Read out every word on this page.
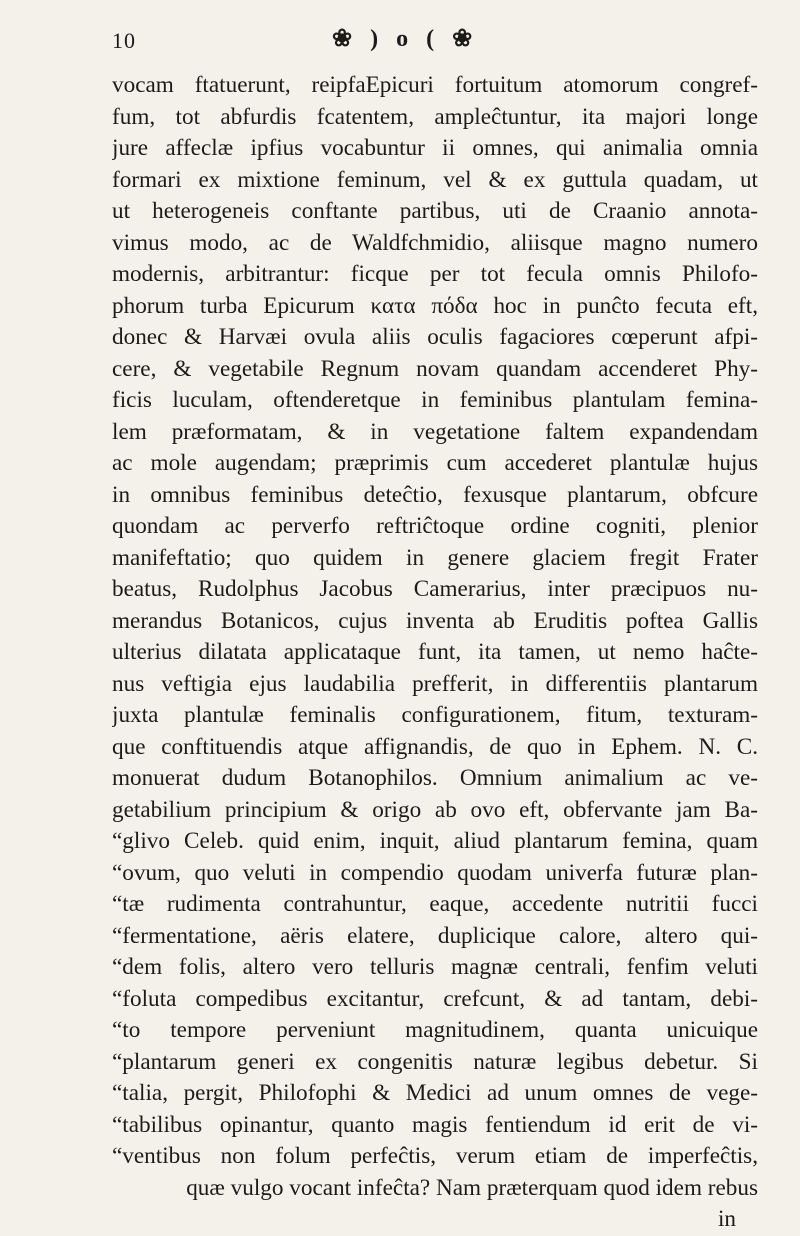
10	❀ ) o ( ❀
vocam ftatuerunt, reipfaEpicuri fortuitum atomorum congref-
fum, tot abfurdis fcatentem, ampleĉtuntur, ita majori longe
jure affeclæ ipfius vocabuntur ii omnes, qui animalia omnia
formari ex mixtione feminum, vel & ex guttula quadam, ut
ut heterogeneis conftante partibus, uti de Craanio annota-
vimus modo, ac de Waldfchmidio, aliisque magno numero
modernis, arbitrantur: ficque per tot fecula omnis Philofo-
phorum turba Epicurum κατα πόδα hoc in punĉto fecuta eft,
donec & Harvæi ovula aliis oculis fagaciores cœperunt afpi-
cere, & vegetabile Regnum novam quandam accenderet Phy-
ficis luculam, oftenderetque in feminibus plantulam femina-
lem præformatam, & in vegetatione faltem expandendam
ac mole augendam; præprimis cum accederet plantulæ hujus
in omnibus feminibus deteĉtio, fexusque plantarum, obfcure
quondam ac perverfo reftriĉtoque ordine cogniti, plenior
manifeftatio; quo quidem in genere glaciem fregit Frater
beatus, Rudolphus Jacobus Camerarius, inter præcipuos nu-
merandus Botanicos, cujus inventa ab Eruditis poftea Gallis
ulterius dilatata applicataque funt, ita tamen, ut nemo haĉte-
nus veftigia ejus laudabilia prefferit, in differentiis plantarum
juxta plantulæ feminalis configurationem, fitum, texturam-
que conftituendis atque affignandis, de quo in Ephem. N. C.
monuerat dudum Botanophilos. Omnium animalium ac ve-
getabilium principium & origo ab ovo eft, obfervante jam Ba-
“glivo Celeb. quid enim, inquit, aliud plantarum femina, quam
“ovum, quo veluti in compendio quodam univerfa futuræ plan-
“tæ rudimenta contrahuntur, eaque, accedente nutritii fucci
“fermentatione, aëris elatere, duplicique calore, altero qui-
“dem folis, altero vero telluris magnæ centrali, fenfim veluti
“foluta compedibus excitantur, crefcunt, & ad tantam, debi-
“to tempore perveniunt magnitudinem, quanta unicuique
“plantarum generi ex congenitis naturæ legibus debetur. Si
“talia, pergit, Philofophi & Medici ad unum omnes de vege-
“tabilibus opinantur, quanto magis fentiendum id erit de vi-
“ventibus non folum perfeĉtis, verum etiam de imperfeĉtis,
quæ vulgo vocant infeĉta? Nam præterquam quod idem rebus
in
